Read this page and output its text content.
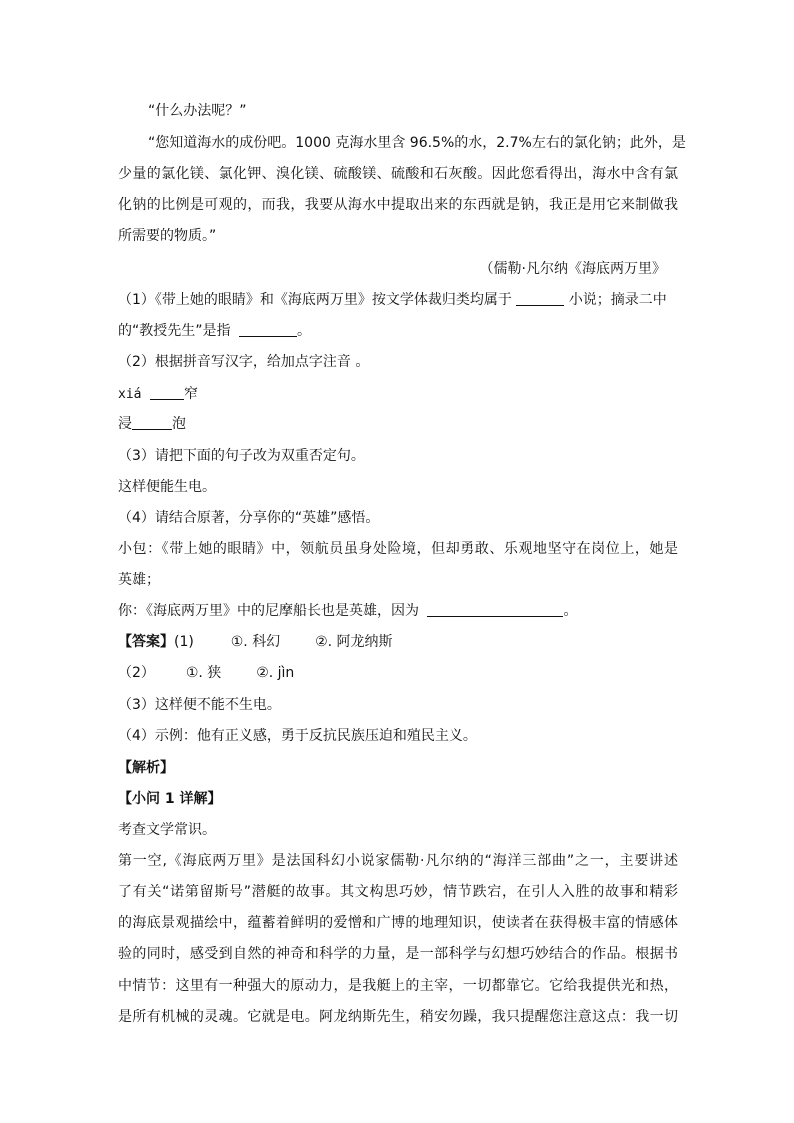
“什么办法呢？”
“您知道海水的成份吧。1000 克海水里含 96.5%的水，2.7%左右的氯化钠；此外，是
少量的氯化镁、氯化钾、溴化镁、硫酸镁、硫酸和石灰酸。因此您看得出，海水中含有氯
化钠的比例是可观的，而我，我要从海水中提取出来的东西就是钠，我正是用它来制做我
所需要的物质。”
（儒勒·凡尔纳《海底两万里》
（1）《带上她的眼睛》和《海底两万里》按文学体裁归类均属于	小说；摘录二中
的“教授先生”是指	。
（2）根据拼音写汉字，给加点字注音 。
xiá	窄
浸	泡
（3）请把下面的句子改为双重否定句。
这样便能生电。
（4）请结合原著，分享你的“英雄”感悟。
小包：《带上她的眼睛》中，领航员虽身处险境，但却勇敢、乐观地坚守在岗位上，她是
英雄；
你：《海底两万里》中的尼摩船长也是英雄，因为	。
【答案】(1)	①. 科幻 ②. 阿龙纳斯
（2） ①. 狭 ②. jìn
（3）这样便不能不生电。
（4）示例：他有正义感，勇于反抗民族压迫和殖民主义。
【解析】
【小问 1 详解】
考查文学常识。
第一空,《海底两万里》是法国科幻小说家儒勒·凡尔纳的“海洋三部曲”之一，主要讲述
了有关“诺第留斯号”潜艇的故事。其文构思巧妙，情节跌宕，在引人入胜的故事和精彩
的海底景观描绘中，蕴蓄着鲜明的爱憎和广博的地理知识，使读者在获得极丰富的情感体
验的同时，感受到自然的神奇和科学的力量，是一部科学与幻想巧妙结合的作品。根据书
中情节：这里有一种强大的原动力，是我艇上的主宰，一切都靠它。它给我提供光和热，
是所有机械的灵魂。它就是电。阿龙纳斯先生，稍安勿躁，我只提醒您注意这点：我一切
